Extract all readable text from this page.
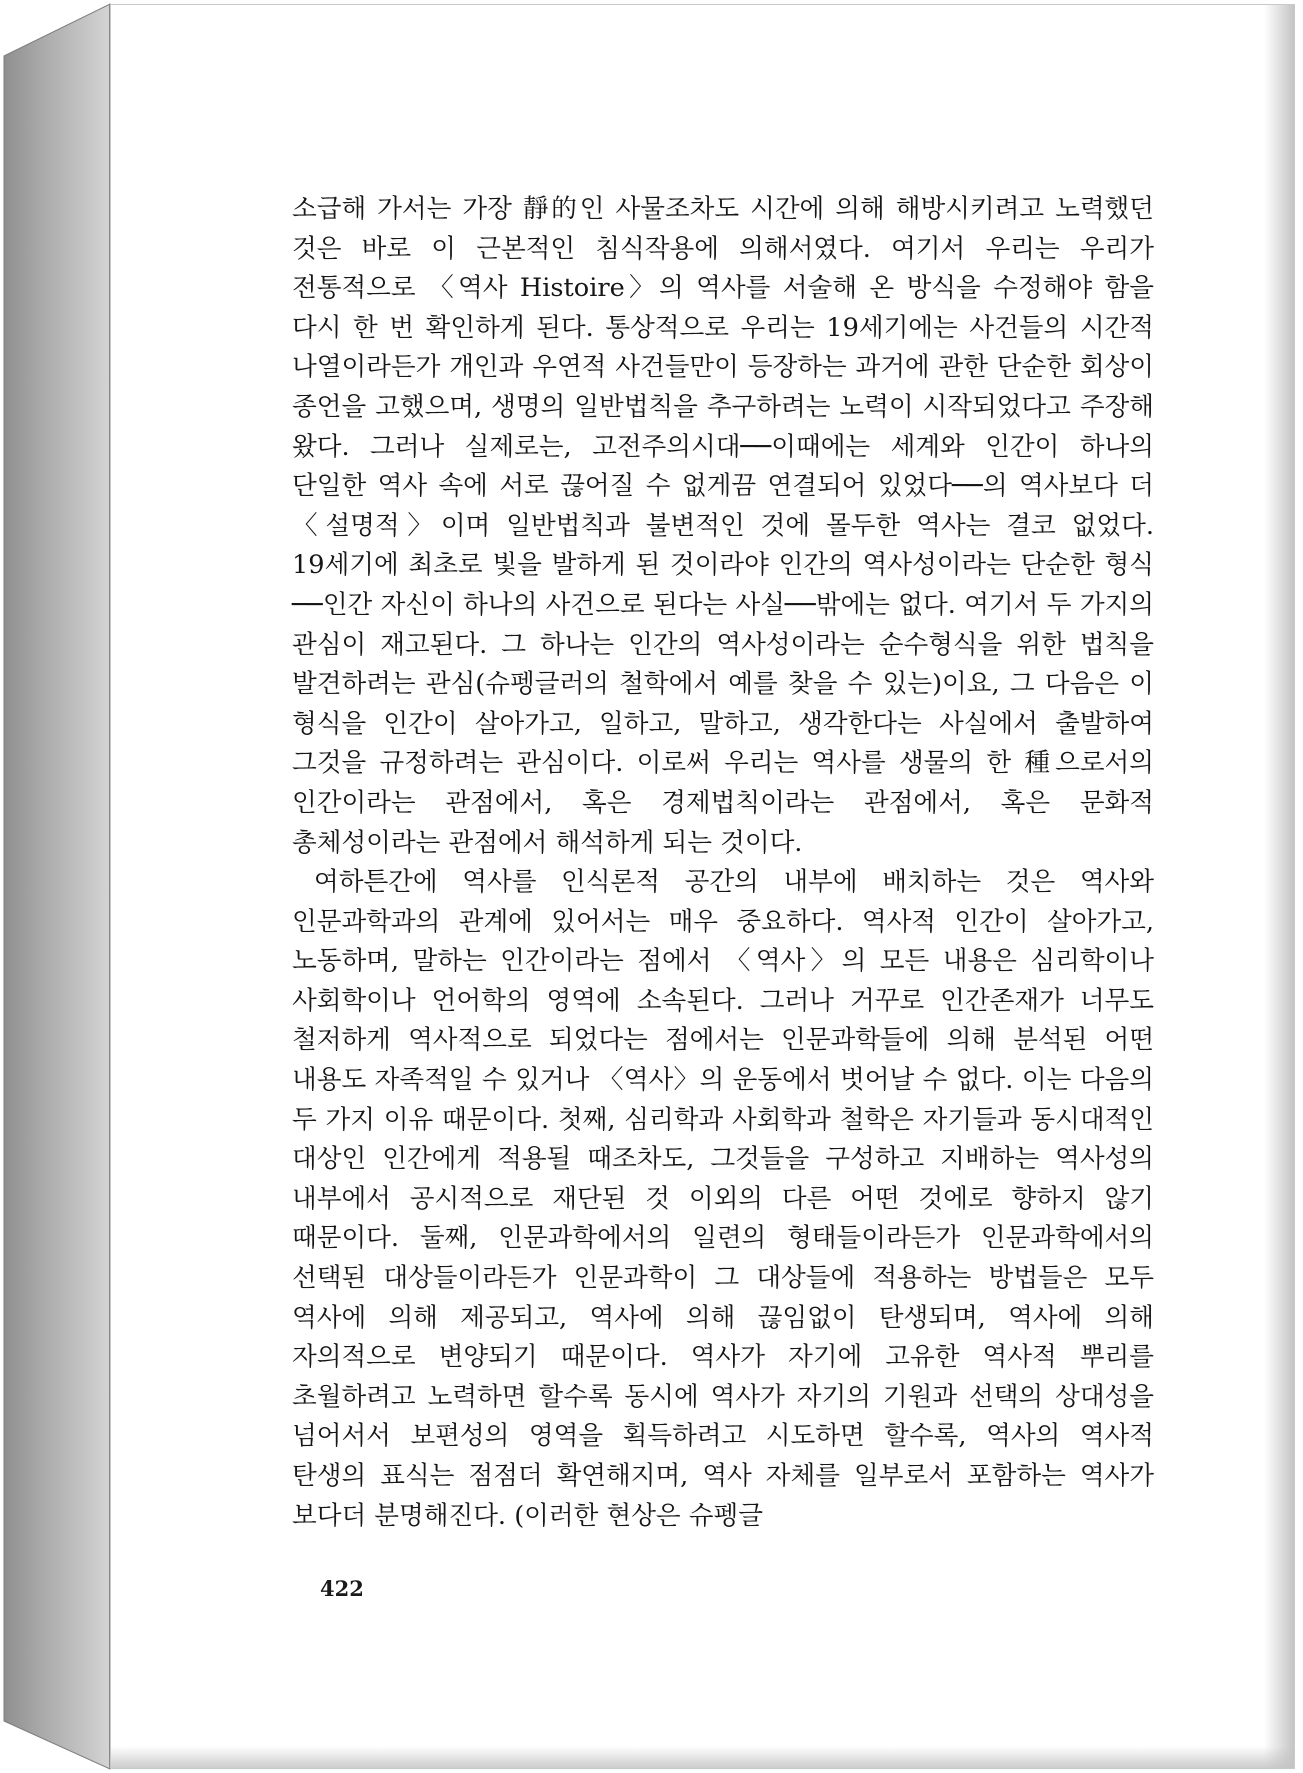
소급해 가서는 가장 靜的인 사물조차도 시간에 의해 해방시키려고 노력했던 것은 바로 이 근본적인 침식작용에 의해서였다. 여기서 우리는 우리가 전통적으로 〈역사 Histoire〉의 역사를 서술해 온 방식을 수정해야 함을 다시 한 번 확인하게 된다. 통상적으로 우리는 19세기에는 사건들의 시간적 나열이라든가 개인과 우연적 사건들만이 등장하는 과거에 관한 단순한 회상이 종언을 고했으며, 생명의 일반법칙을 추구하려는 노력이 시작되었다고 주장해 왔다. 그러나 실제로는, 고전주의시대──이때에는 세계와 인간이 하나의 단일한 역사 속에 서로 끊어질 수 없게끔 연결되어 있었다──의 역사보다 더 〈설명적〉이며 일반법칙과 불변적인 것에 몰두한 역사는 결코 없었다. 19세기에 최초로 빛을 발하게 된 것이라야 인간의 역사성이라는 단순한 형식──인간 자신이 하나의 사건으로 된다는 사실──밖에는 없다. 여기서 두 가지의 관심이 재고된다. 그 하나는 인간의 역사성이라는 순수형식을 위한 법칙을 발견하려는 관심(슈펭글러의 철학에서 예를 찾을 수 있는)이요, 그 다음은 이 형식을 인간이 살아가고, 일하고, 말하고, 생각한다는 사실에서 출발하여 그것을 규정하려는 관심이다. 이로써 우리는 역사를 생물의 한 種으로서의 인간이라는 관점에서, 혹은 경제법칙이라는 관점에서, 혹은 문화적 총체성이라는 관점에서 해석하게 되는 것이다.

여하튼간에 역사를 인식론적 공간의 내부에 배치하는 것은 역사와 인문과학과의 관계에 있어서는 매우 중요하다. 역사적 인간이 살아가고, 노동하며, 말하는 인간이라는 점에서 〈역사〉의 모든 내용은 심리학이나 사회학이나 언어학의 영역에 소속된다. 그러나 거꾸로 인간존재가 너무도 철저하게 역사적으로 되었다는 점에서는 인문과학들에 의해 분석된 어떤 내용도 자족적일 수 있거나 〈역사〉의 운동에서 벗어날 수 없다. 이는 다음의 두 가지 이유 때문이다. 첫째, 심리학과 사회학과 철학은 자기들과 동시대적인 대상인 인간에게 적용될 때조차도, 그것들을 구성하고 지배하는 역사성의 내부에서 공시적으로 재단된 것 이외의 다른 어떤 것에로 향하지 않기 때문이다. 둘째, 인문과학에서의 일련의 형태들이라든가 인문과학에서의 선택된 대상들이라든가 인문과학이 그 대상들에 적용하는 방법들은 모두 역사에 의해 제공되고, 역사에 의해 끊임없이 탄생되며, 역사에 의해 자의적으로 변양되기 때문이다. 역사가 자기에 고유한 역사적 뿌리를 초월하려고 노력하면 할수록 동시에 역사가 자기의 기원과 선택의 상대성을 넘어서서 보편성의 영역을 획득하려고 시도하면 할수록, 역사의 역사적 탄생의 표식는 점점더 확연해지며, 역사 자체를 일부로서 포함하는 역사가 보다더 분명해진다. (이러한 현상은 슈펭글

422
